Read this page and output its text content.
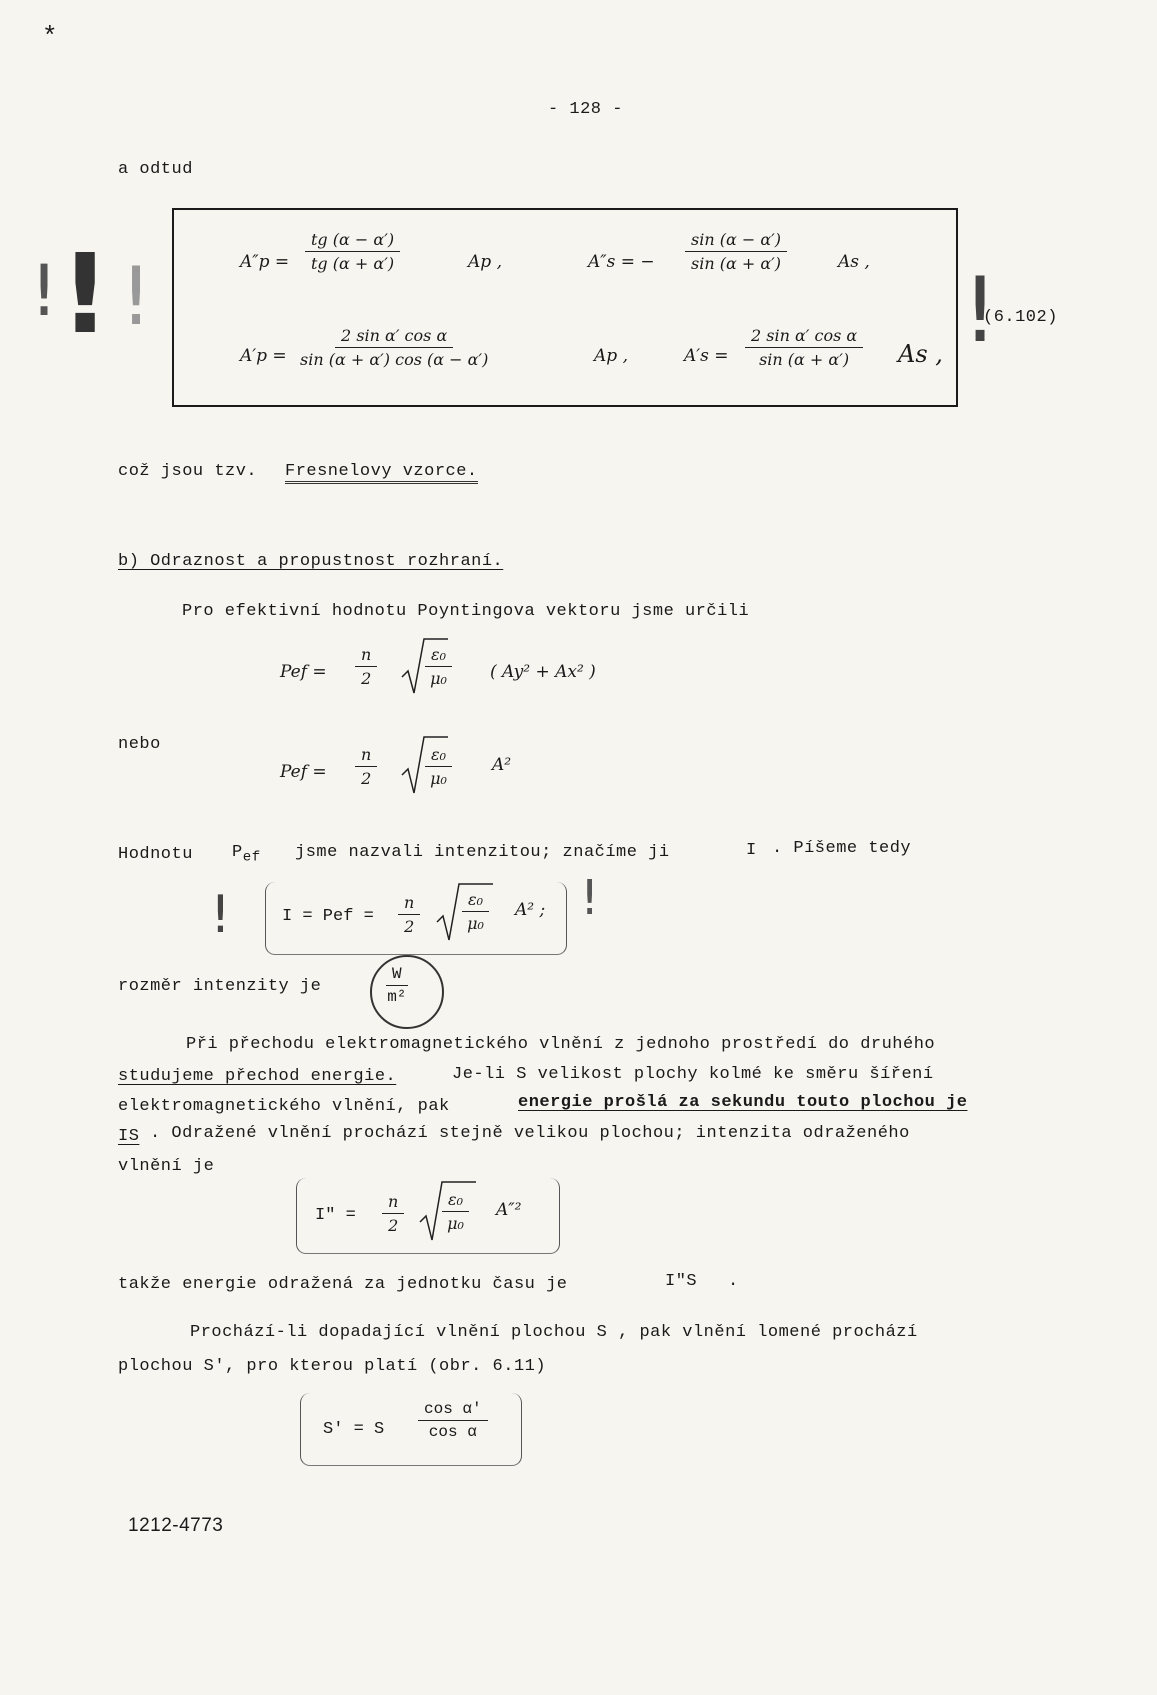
*
- 128 -
a odtud
! ! !	$A''p = \frac{tg (\alpha - \alpha')}{tg (\alpha + \alpha')}$	Ap ,	A″s = − $\frac{\sin (\alpha - \alpha')}{\sin (\alpha + \alpha')}$	As ,
$A'p = \frac{\text{2 sin α′ cos α}}{\sin (\alpha + \alpha') \cos (\alpha - \alpha')}$	Ap ,	$A's = \frac{\text{2 sin α′ cos α}}{\sin (\alpha + \alpha')}$ As , !
(6.102)
což jsou tzv. Fresnelovy vzorce.
b) Odraznost a propustnost rozhraní.
Pro efektivní hodnotu Poyntingova vektoru jsme určili
Pef = $\frac{n}{2}$	$\frac{\text{ε₀}}{\text{μ₀}}$ ( Ay² + Ax² )
nebo
Pef = $\frac{n}{2}$	$\frac{\text{ε₀}}{\text{μ₀}} A^2$
Hodnotu $P_{ef}$ jsme nazvali intenzitou; značíme ji	I . Píšeme tedy
!	I = Pef = $\frac{n}{2}$	$\frac{\text{ε₀}}{\text{μ₀}} A^2$ ; !
rozměr intenzity je	$\frac{W}{\text{m²}}$
Při přechodu elektromagnetického vlnění z jednoho prostředí do druhého
studujeme přechod energie.	Je-li S velikost plochy kolmé ke směru šíření
elektromagnetického vlnění, pak	energie prošlá za sekundu touto plochou je
IS . Odražené vlnění prochází stejně velikou plochou; intenzita odraženého
vlnění je
$I'' = \frac{n}{2} \frac{\text{ε₀}}{\text{μ₀}} A''^2$
takže energie odražená za jednotku času je	I″S .
Prochází-li dopadající vlnění plochou S , pak vlnění lomené prochází
plochou S′, pro kterou platí (obr. 6.11)
S′ = S $\frac{\text{cos α′}}{\text{cos α}}$
1212-4773
